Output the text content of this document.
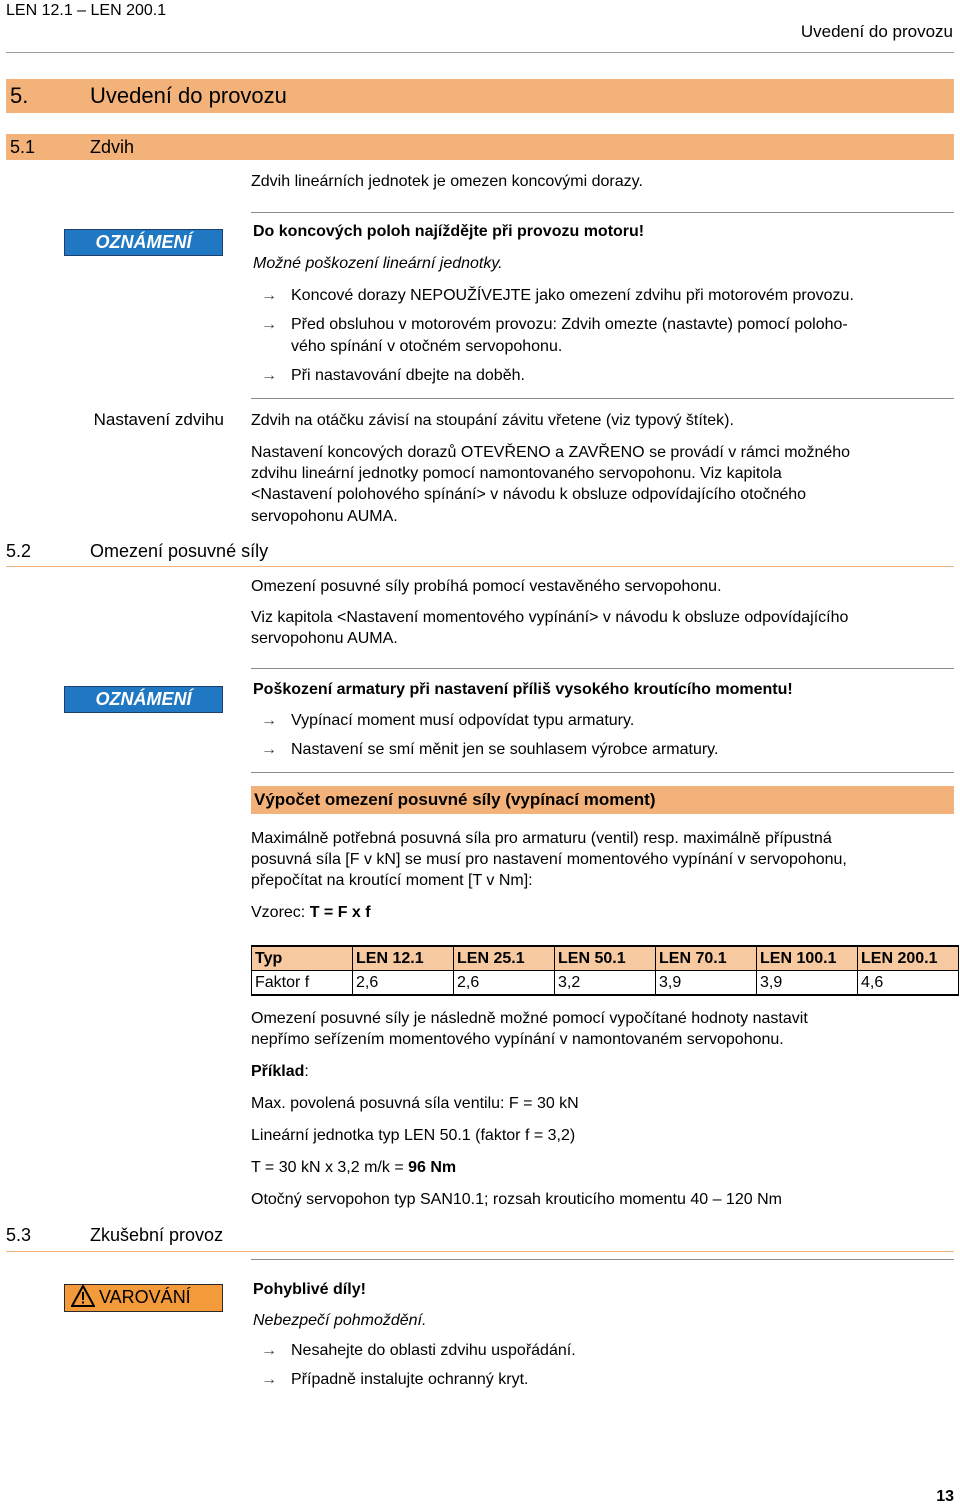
LEN 12.1 – LEN 200.1
Uvedení do provozu
5.	Uvedení do provozu
5.1	Zdvih

Zdvih lineárních jednotek je omezen koncovými dorazy.

OZNÁMENÍ
Do koncových poloh najíždějte při provozu motoru!
Možné poškození lineární jednotky.
→ Koncové dorazy NEPOUŽÍVEJTE jako omezení zdvihu při motorovém provozu.
→ Před obsluhou v motorovém provozu: Zdvih omezte (nastavte) pomocí poloho-
vého spínání v otočném servopohonu.
→ Při nastavování dbejte na doběh.
Nastavení zdvihu Zdvih na otáčku závisí na stoupání závitu vřetene (viz typový štítek).

Nastavení koncových dorazů OTEVŘENO a ZAVŘENO se provádí v rámci možného

zdvihu lineární jednotky pomocí namontovaného servopohonu. Viz kapitola

<Nastavení polohového spínání> v návodu k obsluze odpovídajícího otočného

servopohonu AUMA.

5.2	Omezení posuvné síly

Omezení posuvné síly probíhá pomocí vestavěného servopohonu.

Viz kapitola <Nastavení momentového vypínání> v návodu k obsluze odpovídajícího

servopohonu AUMA.

OZNÁMENÍ	Poškození armatury při nastavení příliš vysokého kroutícího momentu!
→ Vypínací moment musí odpovídat typu armatury.
→ Nastavení se smí měnit jen se souhlasem výrobce armatury.
Výpočet omezení posuvné síly (vypínací moment)

Maximálně potřebná posuvná síla pro armaturu (ventil) resp. maximálně přípustná

posuvná síla [F v kN] se musí pro nastavení momentového vypínání v servopohonu,

přepočítat na kroutící moment [T v Nm]:

Vzorec: T = F x f

Typ	LEN 12.1	LEN 25.1	LEN 50.1	LEN 70.1	LEN 100.1	LEN 200.1
Faktor f	2,6	2,6	3,2	3,9	3,9	4,6

Omezení posuvné síly je následně možné pomocí vypočítané hodnoty nastavit

nepřímo seřízením momentového vypínání v namontovaném servopohonu.

Příklad:

Max. povolená posuvná síla ventilu: F = 30 kN

Lineární jednotka typ LEN 50.1 (faktor f = 3,2)

T = 30 kN x 3,2 m/k = 96 Nm

Otočný servopohon typ SAN10.1; rozsah krouticího momentu 40 – 120 Nm

5.3	Zkušební provoz
VAROVÁNÍ	Pohyblivé díly!
Nebezpečí pohmoždění.
→ Nesahejte do oblasti zdvihu uspořádání.
→ Případně instalujte ochranný kryt.
13
